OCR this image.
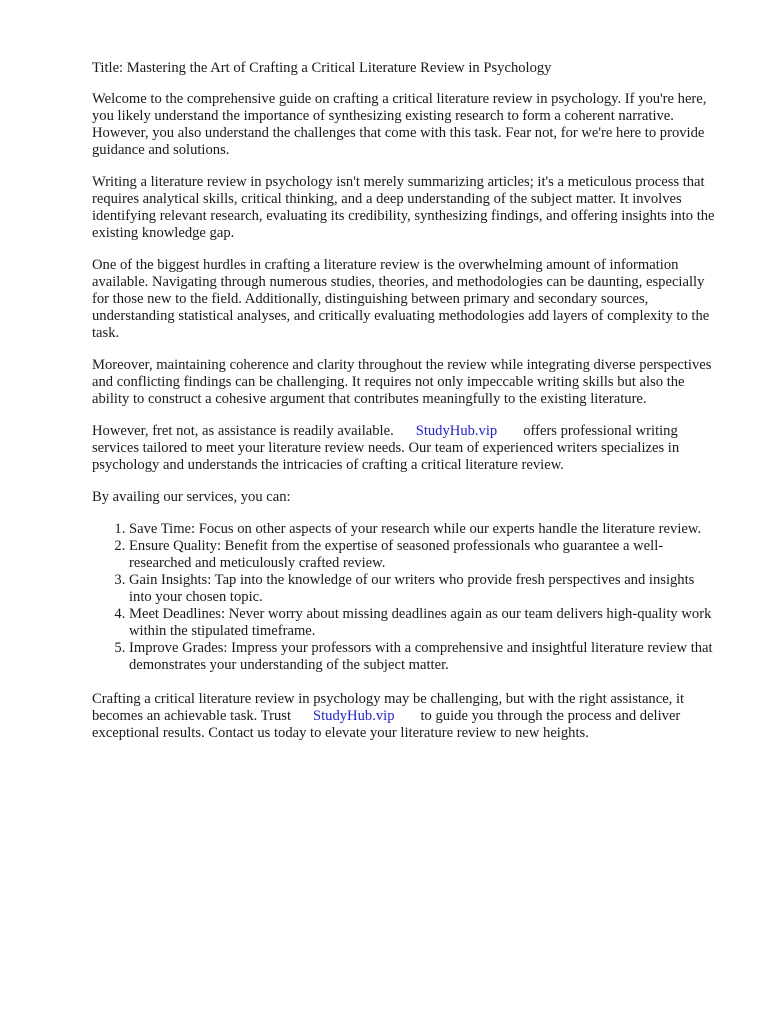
Title: Mastering the Art of Crafting a Critical Literature Review in Psychology

Welcome to the comprehensive guide on crafting a critical literature review in psychology. If you're here, you likely understand the importance of synthesizing existing research to form a coherent narrative. However, you also understand the challenges that come with this task. Fear not, for we're here to provide guidance and solutions.

Writing a literature review in psychology isn't merely summarizing articles; it's a meticulous process that requires analytical skills, critical thinking, and a deep understanding of the subject matter. It involves identifying relevant research, evaluating its credibility, synthesizing findings, and offering insights into the existing knowledge gap.

One of the biggest hurdles in crafting a literature review is the overwhelming amount of information available. Navigating through numerous studies, theories, and methodologies can be daunting, especially for those new to the field. Additionally, distinguishing between primary and secondary sources, understanding statistical analyses, and critically evaluating methodologies add layers of complexity to the task.

Moreover, maintaining coherence and clarity throughout the review while integrating diverse perspectives and conflicting findings can be challenging. It requires not only impeccable writing skills but also the ability to construct a cohesive argument that contributes meaningfully to the existing literature.

However, fret not, as assistance is readily available. StudyHub.vip offers professional writing services tailored to meet your literature review needs. Our team of experienced writers specializes in psychology and understands the intricacies of crafting a critical literature review.

By availing our services, you can:

1. Save Time: Focus on other aspects of your research while our experts handle the literature review.
2. Ensure Quality: Benefit from the expertise of seasoned professionals who guarantee a well-researched and meticulously crafted review.
3. Gain Insights: Tap into the knowledge of our writers who provide fresh perspectives and insights into your chosen topic.
4. Meet Deadlines: Never worry about missing deadlines again as our team delivers high-quality work within the stipulated timeframe.
5. Improve Grades: Impress your professors with a comprehensive and insightful literature review that demonstrates your understanding of the subject matter.

Crafting a critical literature review in psychology may be challenging, but with the right assistance, it becomes an achievable task. Trust StudyHub.vip to guide you through the process and deliver exceptional results. Contact us today to elevate your literature review to new heights.
